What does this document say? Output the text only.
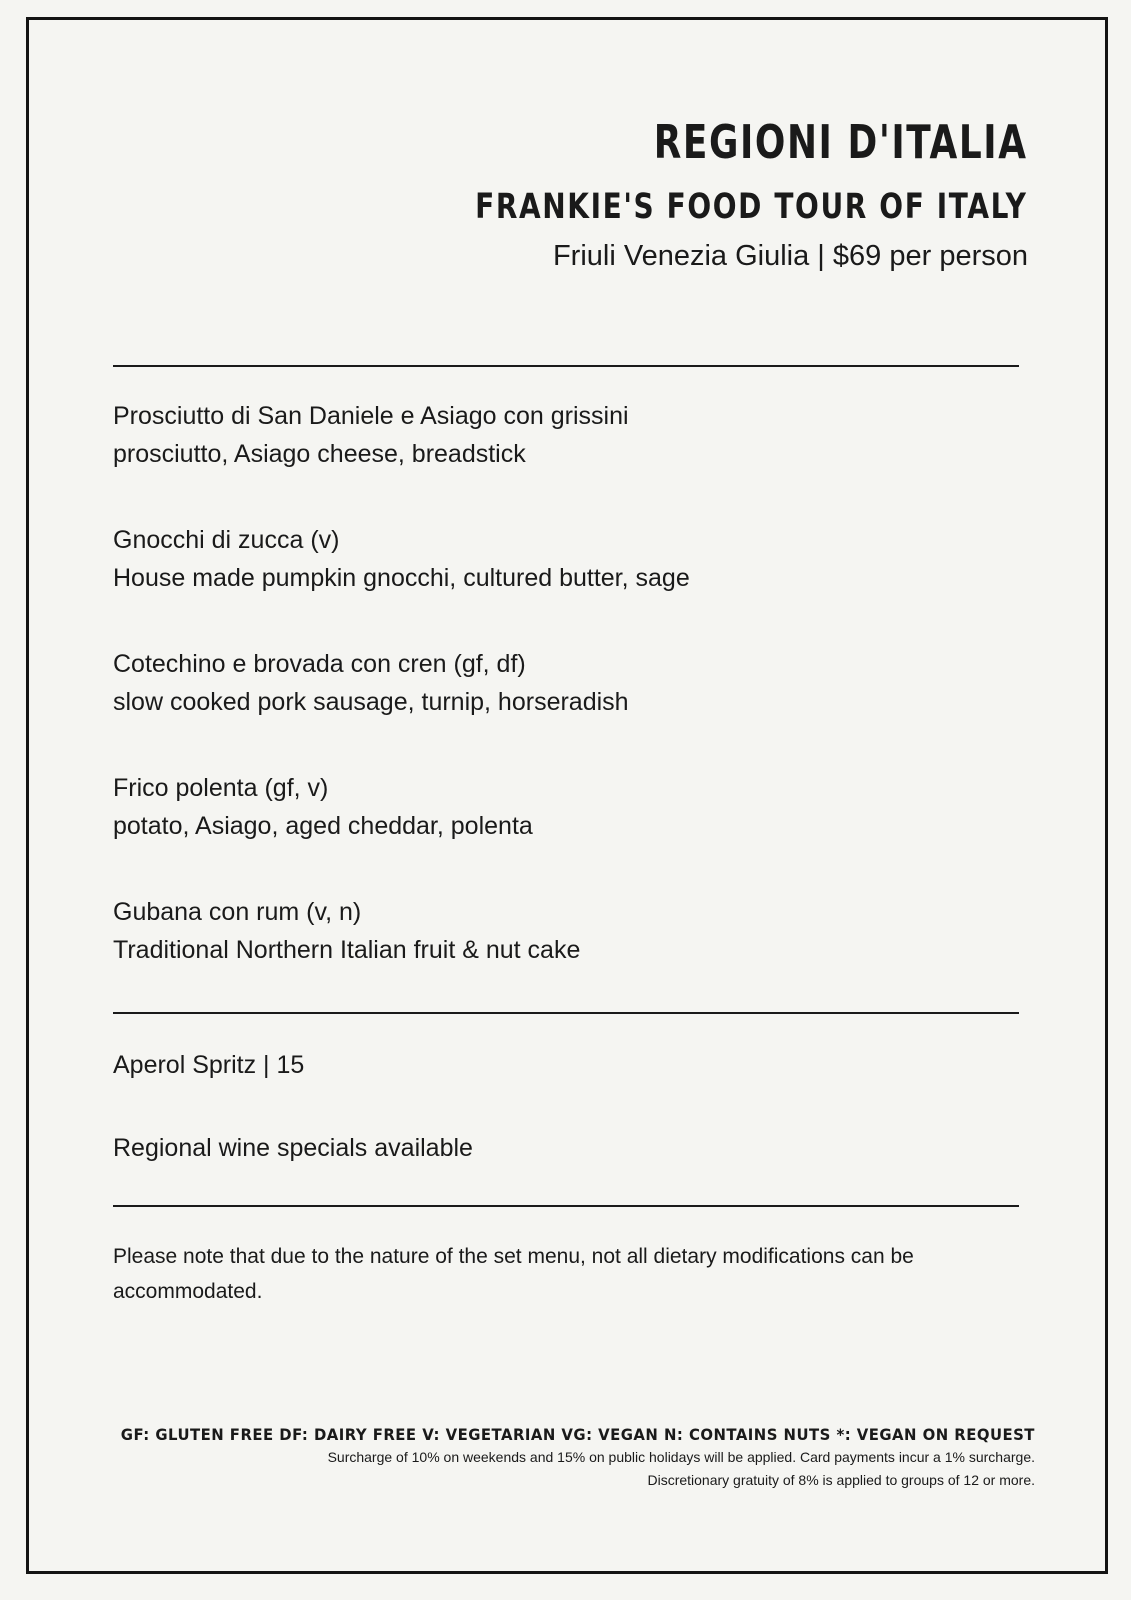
REGIONI D'ITALIA
FRANKIE'S FOOD TOUR OF ITALY
Friuli Venezia Giulia | $69 per person
Prosciutto di San Daniele e Asiago con grissini
prosciutto, Asiago cheese, breadstick
Gnocchi di zucca (v)
House made pumpkin gnocchi, cultured butter, sage
Cotechino e brovada con cren (gf, df)
slow cooked pork sausage, turnip, horseradish
Frico polenta (gf, v)
potato, Asiago, aged cheddar, polenta
Gubana con rum (v, n)
Traditional Northern Italian fruit & nut cake
Aperol Spritz | 15
Regional wine specials available
Please note that due to the nature of the set menu, not all dietary modifications can be accommodated.
GF: GLUTEN FREE DF: DAIRY FREE V: VEGETARIAN VG: VEGAN N: CONTAINS NUTS *: VEGAN ON REQUEST
Surcharge of 10% on weekends and 15% on public holidays will be applied. Card payments incur a 1% surcharge.
Discretionary gratuity of 8% is applied to groups of 12 or more.
